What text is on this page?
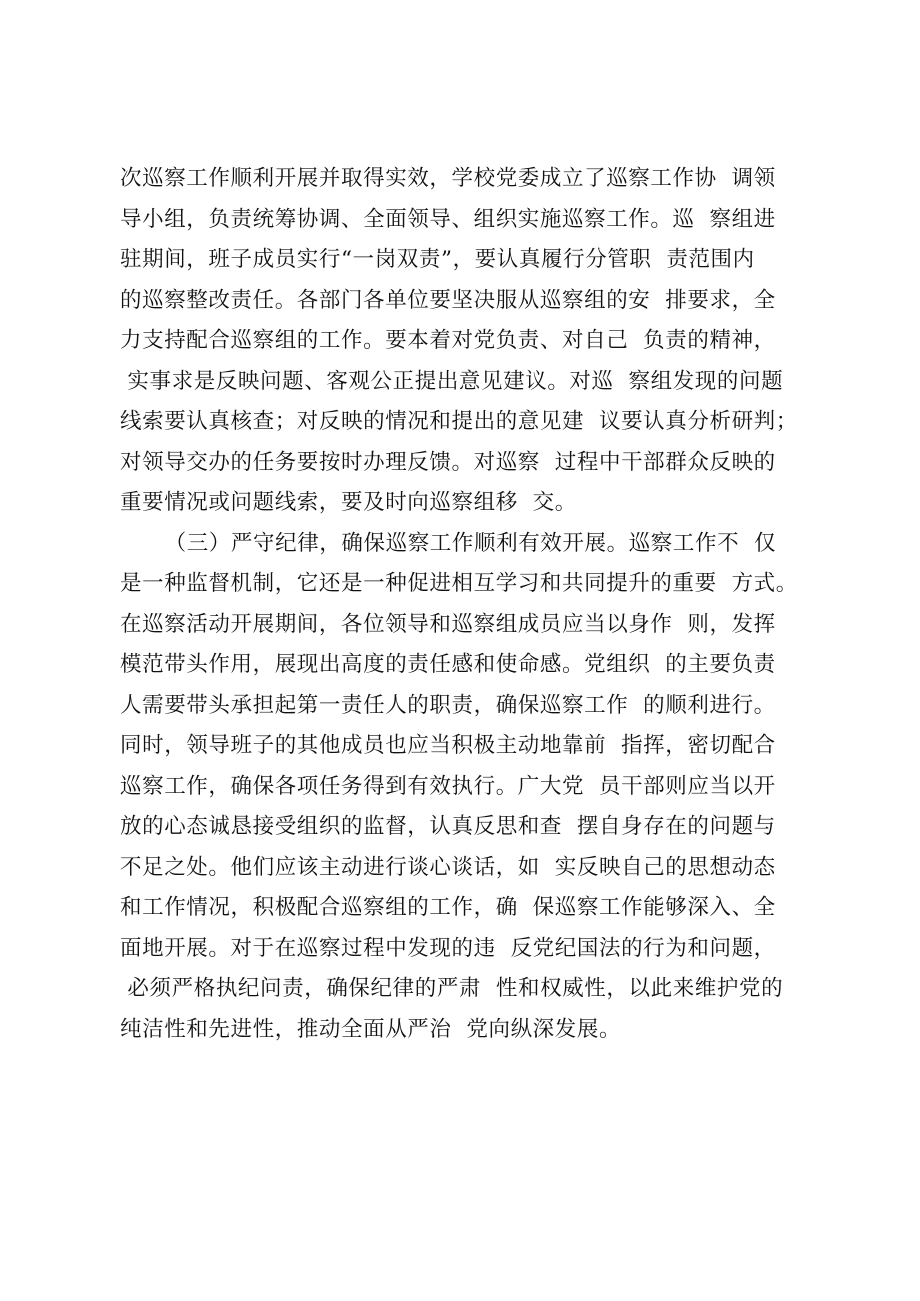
次巡察工作顺利开展并取得实效，学校党委成立了巡察工作协  调领
导小组，负责统筹协调、全面领导、组织实施巡察工作。巡  察组进
驻期间，班子成员实行“一岗双责”，要认真履行分管职  责范围内
的巡察整改责任。各部门各单位要坚决服从巡察组的安  排要求，全
力支持配合巡察组的工作。要本着对党负责、对自己  负责的精神，
实事求是反映问题、客观公正提出意见建议。对巡  察组发现的问题
线索要认真核查；对反映的情况和提出的意见建  议要认真分析研判；
对领导交办的任务要按时办理反馈。对巡察  过程中干部群众反映的
重要情况或问题线索，要及时向巡察组移  交。
（三）严守纪律，确保巡察工作顺利有效开展。巡察工作不  仅
是一种监督机制，它还是一种促进相互学习和共同提升的重要  方式。
在巡察活动开展期间，各位领导和巡察组成员应当以身作  则，发挥
模范带头作用，展现出高度的责任感和使命感。党组织  的主要负责
人需要带头承担起第一责任人的职责，确保巡察工作  的顺利进行。
同时，领导班子的其他成员也应当积极主动地靠前  指挥，密切配合
巡察工作，确保各项任务得到有效执行。广大党  员干部则应当以开
放的心态诚恳接受组织的监督，认真反思和查  摆自身存在的问题与
不足之处。他们应该主动进行谈心谈话，如  实反映自己的思想动态
和工作情况，积极配合巡察组的工作，确  保巡察工作能够深入、全
面地开展。对于在巡察过程中发现的违  反党纪国法的行为和问题，
必须严格执纪问责，确保纪律的严肃  性和权威性，以此来维护党的
纯洁性和先进性，推动全面从严治  党向纵深发展。
